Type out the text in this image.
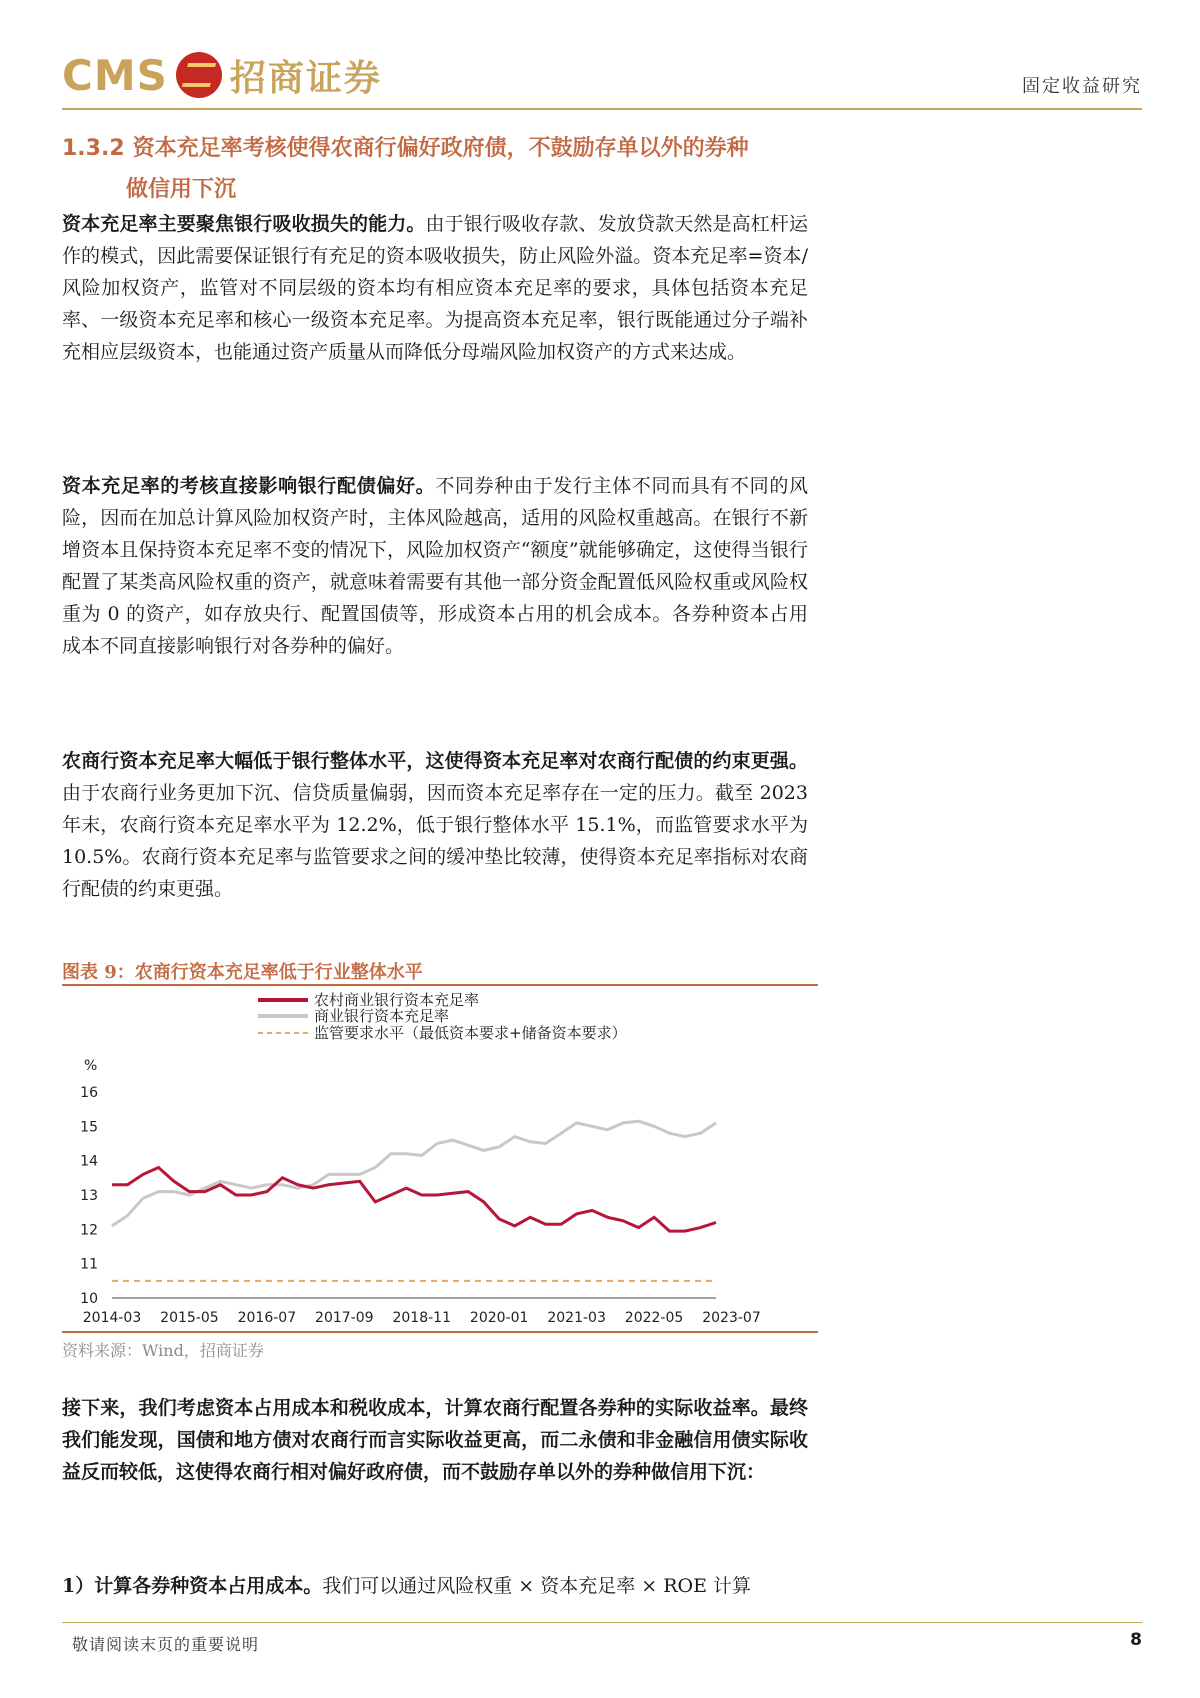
CMS 招商证券	固定收益研究
1.3.2 资本充足率考核使得农商行偏好政府债，不鼓励存单以外的券种
做信用下沉
资本充足率主要聚焦银行吸收损失的能力。由于银行吸收存款、发放贷款天然是高杠杆运作的模式，因此需要保证银行有充足的资本吸收损失，防止风险外溢。资本充足率=资本/风险加权资产，监管对不同层级的资本均有相应资本充足率的要求，具体包括资本充足率、一级资本充足率和核心一级资本充足率。为提高资本充足率，银行既能通过分子端补充相应层级资本，也能通过资产质量从而降低分母端风险加权资产的方式来达成。
资本充足率的考核直接影响银行配债偏好。不同券种由于发行主体不同而具有不同的风险，因而在加总计算风险加权资产时，主体风险越高，适用的风险权重越高。在银行不新增资本且保持资本充足率不变的情况下，风险加权资产“额度”就能够确定，这使得当银行配置了某类高风险权重的资产，就意味着需要有其他一部分资金配置低风险权重或风险权重为 0 的资产，如存放央行、配置国债等，形成资本占用的机会成本。各券种资本占用成本不同直接影响银行对各券种的偏好。
农商行资本充足率大幅低于银行整体水平，这使得资本充足率对农商行配债的约束更强。由于农商行业务更加下沉、信贷质量偏弱，因而资本充足率存在一定的压力。截至 2023 年末，农商行资本充足率水平为 12.2%，低于银行整体水平 15.1%，而监管要求水平为 10.5%。农商行资本充足率与监管要求之间的缓冲垫比较薄，使得资本充足率指标对农商行配债的约束更强。
图表 9：农商行资本充足率低于行业整体水平
农村商业银行资本充足率
商业银行资本充足率
监管要求水平（最低资本要求+储备资本要求）
%
10
11
12
13
14
15
16
2014-03 2015-05 2016-07 2017-09 2018-11 2020-01 2021-03 2022-05 2023-07
资料来源：Wind，招商证券
接下来，我们考虑资本占用成本和税收成本，计算农商行配置各券种的实际收益率。最终我们能发现，国债和地方债对农商行而言实际收益更高，而二永债和非金融信用债实际收益反而较低，这使得农商行相对偏好政府债，而不鼓励存单以外的券种做信用下沉：
1）计算各券种资本占用成本。我们可以通过风险权重 × 资本充足率 × ROE 计算
敬请阅读末页的重要说明	8
